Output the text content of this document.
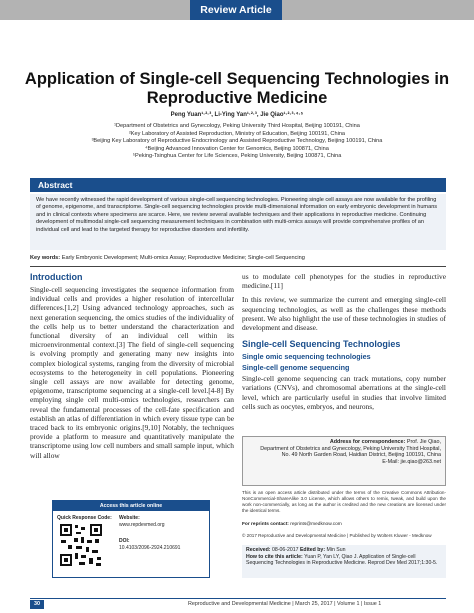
Review Article
Application of Single-cell Sequencing Technologies in Reproductive Medicine
Peng Yuan¹·²·³, Li-Ying Yan¹·²·³, Jie Qiao¹·²·³·⁴·⁵
¹Department of Obstetrics and Gynecology, Peking University Third Hospital, Beijing 100191, China
²Key Laboratory of Assisted Reproduction, Ministry of Education, Beijing 100191, China
³Beijing Key Laboratory of Reproductive Endocrinology and Assisted Reproductive Technology, Beijing 100191, China
⁴Beijing Advanced Innovation Center for Genomics, Beijing 100871, China
⁵Peking-Tsinghua Center for Life Sciences, Peking University, Beijing 100871, China
Abstract
We have recently witnessed the rapid development of various single-cell sequencing technologies. Pioneering single cell assays are now available for the profiling of genome, epigenome, and transcriptome. Single-cell sequencing technologies provide multi-dimensional information on early embryonic development in humans and in clinical contexts where specimens are scarce. Here, we review several available techniques and their applications in reproductive medicine. Continuing development of multimodal single-cell sequencing measurement techniques in combination with multi-omics assays will provide comprehensive profiles of an individual cell and lead to the targeted therapy for reproductive disorders and infertility.
Key words: Early Embryonic Development; Multi-omics Assay; Reproductive Medicine; Single-cell Sequencing
Introduction

Single-cell sequencing investigates the sequence information from individual cells and provides a higher resolution of intercellular differences.[1,2] Using advanced technology approaches, such as next generation sequencing, the omics studies of the individuality of the cells help us to better understand the characterization and functional diversity of an individual cell within its microenvironmental context.[3] The field of single-cell sequencing is evolving promptly and generating many new insights into complex biological systems, ranging from the diversity of microbial ecosystems to the heterogeneity in cell populations. Pioneering single cell assays are now available for detecting genome, epigenome, transcriptome sequencing at a single-cell level.[4-8] By employing single cell multi-omics technologies, researchers can reveal the fundamental processes of the cell-fate specification and establish an atlas of differentiation in which every tissue type can be traced back to its embryonic origins.[9,10] Notably, the techniques provide a platform to measure and quantitatively manipulate the transcriptome using low cell numbers and small sample input, which will allow

Access this article online
Quick Response Code: Website:
www.repdevmed.org
DOI:
10.4103/2096-2924.210691

us to modulate cell phenotypes for the studies in reproductive medicine.[11]

In this review, we summarize the current and emerging single-cell sequencing technologies, as well as the challenges these methods present. We also highlight the use of these technologies in studies of development and disease.

Single-cell Sequencing Technologies
Single omic sequencing technologies
Single-cell genome sequencing
Single-cell genome sequencing can track mutations, copy number variations (CNVs), and chromosomal aberrations at the single-cell level, which are particularly useful in studies that involve limited cells such as oocytes, embryos, and neurons,
Address for correspondence: Prof. Jie Qiao,
Department of Obstetrics and Gynecology, Peking University Third Hospital,
No. 49 North Garden Road, Haidian District, Beijing 100191, China
E-Mail: jie.qiao@263.net
This is an open access article distributed under the terms of the Creative Commons Attribution-NonCommercial-ShareAlike 3.0 License, which allows others to remix, tweak, and build upon the work non-commercially, as long as the author is credited and the new creations are licensed under the identical terms.
For reprints contact: reprints@medknow.com
© 2017 Reproductive and Developmental Medicine | Published by Wolters Kluwer - Medknow
Received: 08-06-2017 Edited by: Min Sun
How to cite this article: Yuan P, Yan LY, Qiao J. Application of Single-cell Sequencing Technologies in Reproductive Medicine. Reprod Dev Med 2017;1:30-5.
30	Reproductive and Developmental Medicine | March 25, 2017 | Volume 1 | Issue 1
